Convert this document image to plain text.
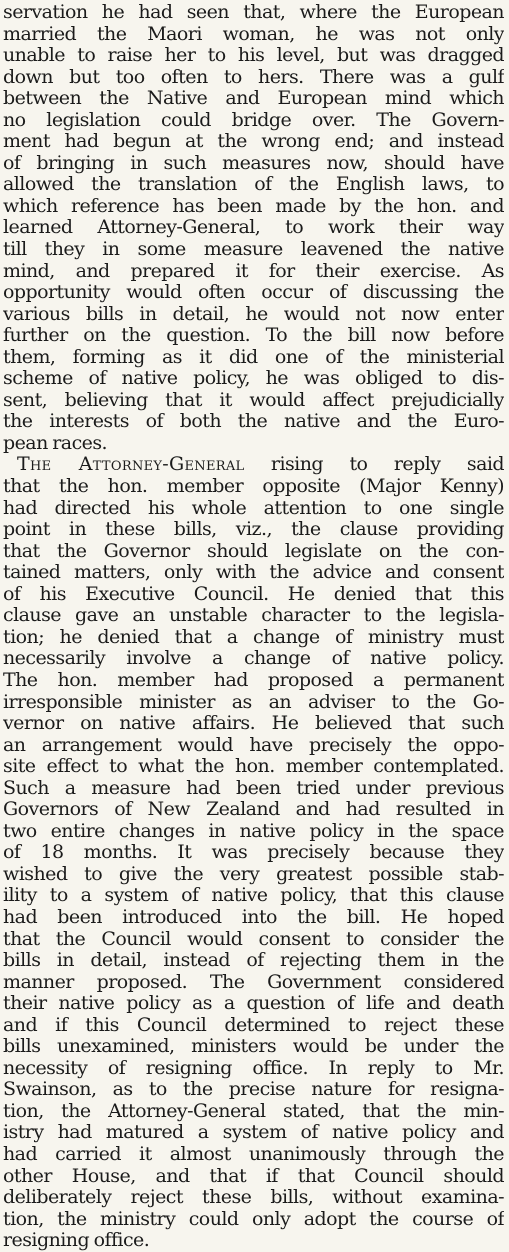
servation he had seen that, where the European
married the Maori woman, he was not only
unable to raise her to his level, but was dragged
down but too often to hers. There was a gulf
between the Native and European mind which
no legislation could bridge over. The Govern-
ment had begun at the wrong end; and instead
of bringing in such measures now, should have
allowed the translation of the English laws, to
which reference has been made by the hon. and
learned Attorney-General, to work their way
till they in some measure leavened the native
mind, and prepared it for their exercise. As
opportunity would often occur of discussing the
various bills in detail, he would not now enter
further on the question. To the bill now before
them, forming as it did one of the ministerial
scheme of native policy, he was obliged to dis-
sent, believing that it would affect prejudicially
the interests of both the native and the Euro-
pean races.
The Attorney-General rising to reply said
that the hon. member opposite (Major Kenny)
had directed his whole attention to one single
point in these bills, viz., the clause providing
that the Governor should legislate on the con-
tained matters, only with the advice and consent
of his Executive Council. He denied that this
clause gave an unstable character to the legisla-
tion; he denied that a change of ministry must
necessarily involve a change of native policy.
The hon. member had proposed a permanent
irresponsible minister as an adviser to the Go-
vernor on native affairs. He believed that such
an arrangement would have precisely the oppo-
site effect to what the hon. member contemplated.
Such a measure had been tried under previous
Governors of New Zealand and had resulted in
two entire changes in native policy in the space
of 18 months. It was precisely because they
wished to give the very greatest possible stab-
ility to a system of native policy, that this clause
had been introduced into the bill. He hoped
that the Council would consent to consider the
bills in detail, instead of rejecting them in the
manner proposed. The Government considered
their native policy as a question of life and death
and if this Council determined to reject these
bills unexamined, ministers would be under the
necessity of resigning office. In reply to Mr.
Swainson, as to the precise nature for resigna-
tion, the Attorney-General stated, that the min-
istry had matured a system of native policy and
had carried it almost unanimously through the
other House, and that if that Council should
deliberately reject these bills, without examina-
tion, the ministry could only adopt the course of
resigning office.
